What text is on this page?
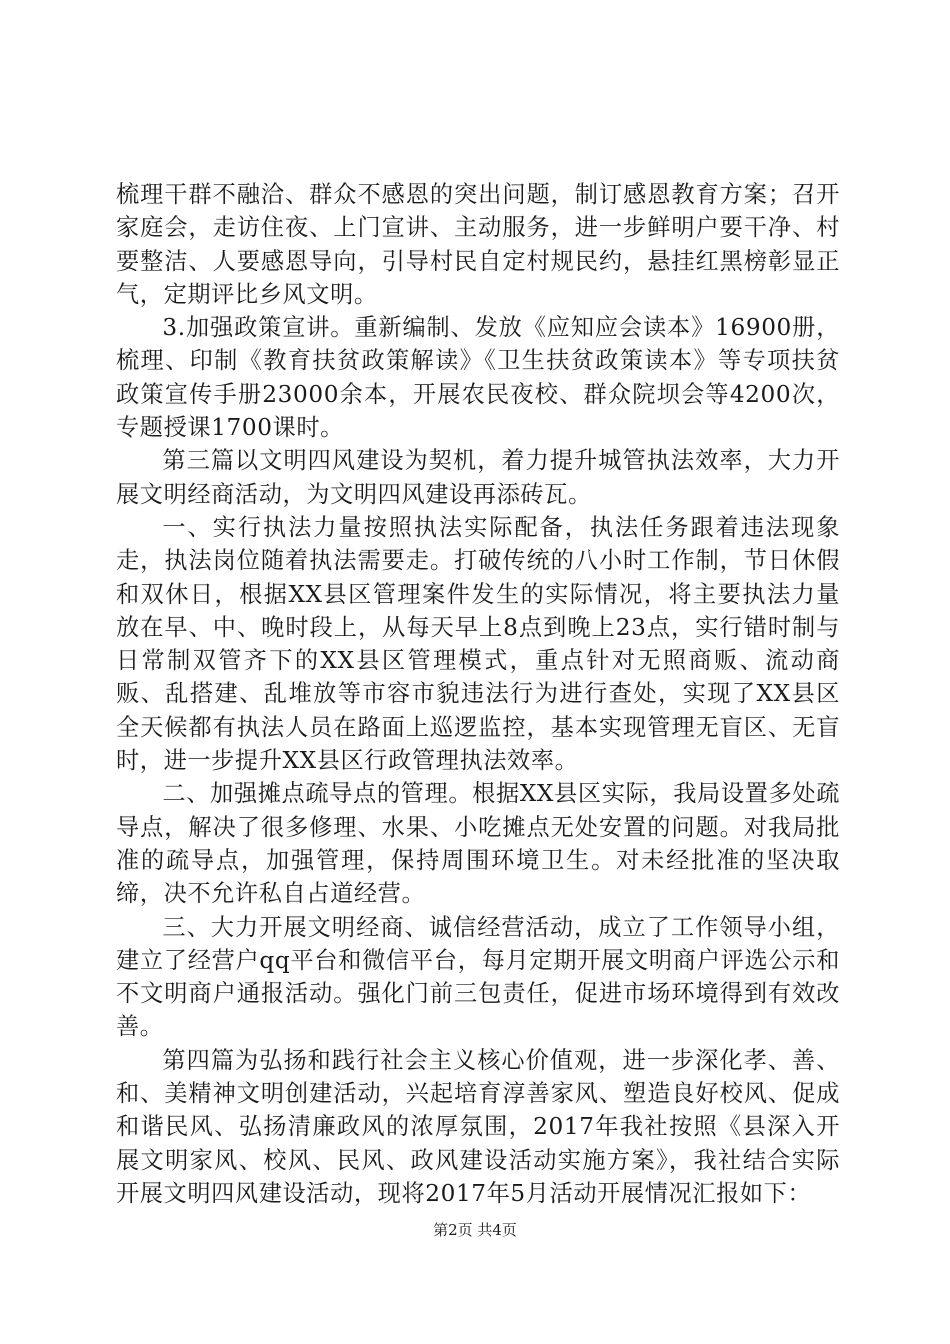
梳理干群不融洽、群众不感恩的突出问题，制订感恩教育方案；召开家庭会，走访住夜、上门宣讲、主动服务，进一步鲜明户要干净、村要整洁、人要感恩导向，引导村民自定村规民约，悬挂红黑榜彰显正气，定期评比乡风文明。

3.加强政策宣讲。重新编制、发放《应知应会读本》16900册，梳理、印制《教育扶贫政策解读》《卫生扶贫政策读本》等专项扶贫政策宣传手册23000余本，开展农民夜校、群众院坝会等4200次，专题授课1700课时。

第三篇以文明四风建设为契机，着力提升城管执法效率，大力开展文明经商活动，为文明四风建设再添砖瓦。

一、实行执法力量按照执法实际配备，执法任务跟着违法现象走，执法岗位随着执法需要走。打破传统的八小时工作制，节日休假和双休日，根据XX县区管理案件发生的实际情况，将主要执法力量放在早、中、晚时段上，从每天早上8点到晚上23点，实行错时制与日常制双管齐下的XX县区管理模式，重点针对无照商贩、流动商贩、乱搭建、乱堆放等市容市貌违法行为进行查处，实现了XX县区全天候都有执法人员在路面上巡逻监控，基本实现管理无盲区、无盲时，进一步提升XX县区行政管理执法效率。

二、加强摊点疏导点的管理。根据XX县区实际，我局设置多处疏导点，解决了很多修理、水果、小吃摊点无处安置的问题。对我局批准的疏导点，加强管理，保持周围环境卫生。对未经批准的坚决取缔，决不允许私自占道经营。

三、大力开展文明经商、诚信经营活动，成立了工作领导小组，建立了经营户qq平台和微信平台，每月定期开展文明商户评选公示和不文明商户通报活动。强化门前三包责任，促进市场环境得到有效改善。

第四篇为弘扬和践行社会主义核心价值观，进一步深化孝、善、和、美精神文明创建活动，兴起培育淳善家风、塑造良好校风、促成和谐民风、弘扬清廉政风的浓厚氛围，2017年我社按照《县深入开展文明家风、校风、民风、政风建设活动实施方案》，我社结合实际开展文明四风建设活动，现将2017年5月活动开展情况汇报如下：

第2页 共4页
